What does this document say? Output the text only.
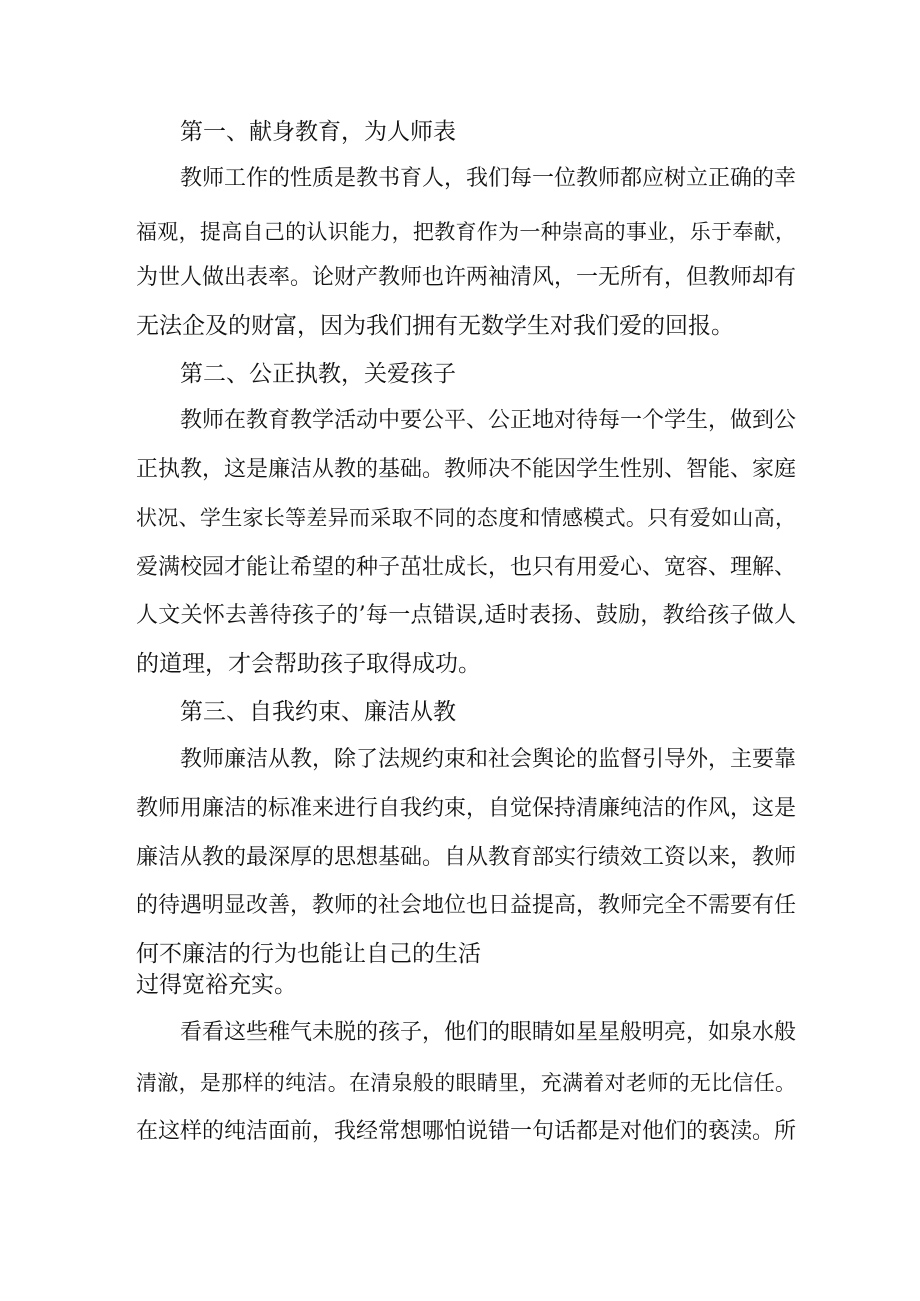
第一、献身教育，为人师表
教师工作的性质是教书育人，我们每一位教师都应树立正确的幸
福观，提高自己的认识能力，把教育作为一种崇高的事业，乐于奉献，
为世人做出表率。论财产教师也许两袖清风，一无所有，但教师却有
无法企及的财富，因为我们拥有无数学生对我们爱的回报。
第二、公正执教，关爱孩子
教师在教育教学活动中要公平、公正地对待每一个学生，做到公
正执教，这是廉洁从教的基础。教师决不能因学生性别、智能、家庭
状况、学生家长等差异而采取不同的态度和情感模式。只有爱如山高，
爱满校园才能让希望的种子茁壮成长，也只有用爱心、宽容、理解、
人文关怀去善待孩子的’每一点错误,适时表扬、鼓励，教给孩子做人
的道理，才会帮助孩子取得成功。
第三、自我约束、廉洁从教
教师廉洁从教，除了法规约束和社会舆论的监督引导外，主要靠
教师用廉洁的标准来进行自我约束，自觉保持清廉纯洁的作风，这是
廉洁从教的最深厚的思想基础。自从教育部实行绩效工资以来，教师
的待遇明显改善，教师的社会地位也日益提高，教师完全不需要有任
何不廉洁的行为也能让自己的生活
过得宽裕充实。
看看这些稚气未脱的孩子，他们的眼睛如星星般明亮，如泉水般
清澈，是那样的纯洁。在清泉般的眼睛里，充满着对老师的无比信任。
在这样的纯洁面前，我经常想哪怕说错一句话都是对他们的亵渎。所
